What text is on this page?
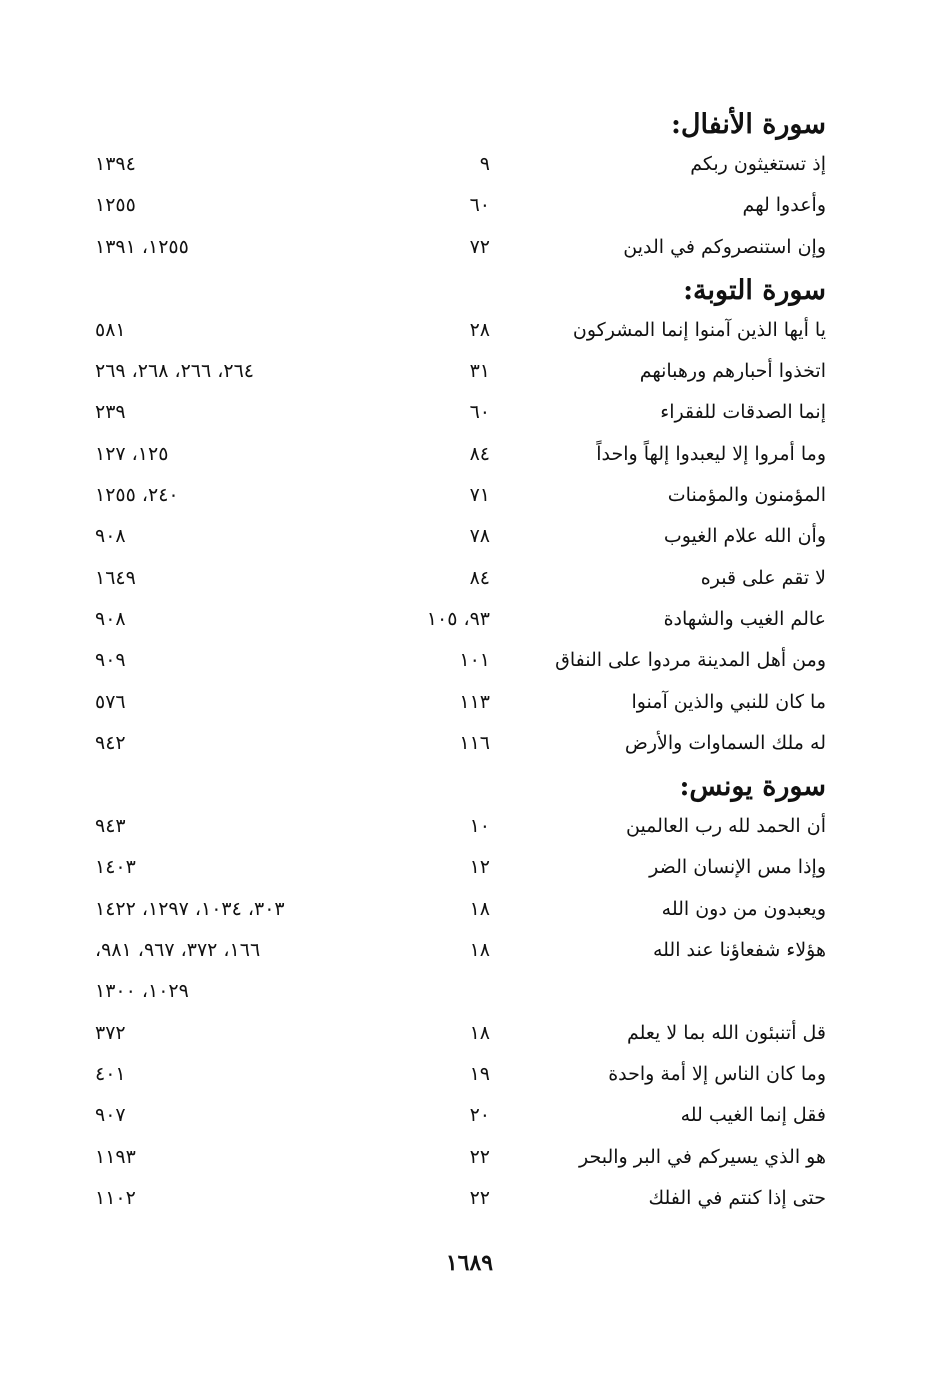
سورة الأنفال:
إذ تستغيثون ربكم
٩
١٣٩٤
وأعدوا لهم
٦٠
١٢٥٥
وإن استنصروكم في الدين
٧٢
١٢٥٥، ١٣٩١
سورة التوبة:
يا أيها الذين آمنوا إنما المشركون
٢٨
٥٨١
اتخذوا أحبارهم ورهبانهم
٣١
٢٦٤، ٢٦٦، ٢٦٨، ٢٦٩
إنما الصدقات للفقراء
٦٠
٢٣٩
وما أمروا إلا ليعبدوا إلهاً واحداً
٨٤
١٢٥، ١٢٧
المؤمنون والمؤمنات
٧١
٢٤٠، ١٢٥٥
وأن الله علام الغيوب
٧٨
٩٠٨
لا تقم على قبره
٨٤
١٦٤٩
عالم الغيب والشهادة
٩٣، ١٠٥
٩٠٨
ومن أهل المدينة مردوا على النفاق
١٠١
٩٠٩
ما كان للنبي والذين آمنوا
١١٣
٥٧٦
له ملك السماوات والأرض
١١٦
٩٤٢
سورة يونس:
أن الحمد لله رب العالمين
١٠
٩٤٣
وإذا مس الإنسان الضر
١٢
١٤٠٣
ويعبدون من دون الله
١٨
٣٠٣، ١٠٣٤، ١٢٩٧، ١٤٢٢
هؤلاء شفعاؤنا عند الله
١٨
١٦٦، ٣٧٢، ٩٦٧، ٩٨١،
١٠٢٩، ١٣٠٠
قل أتنبئون الله بما لا يعلم
١٨
٣٧٢
وما كان الناس إلا أمة واحدة
١٩
٤٠١
فقل إنما الغيب لله
٢٠
٩٠٧
هو الذي يسيركم في البر والبحر
٢٢
١١٩٣
حتى إذا كنتم في الفلك
٢٢
١١٠٢
١٦٨٩
